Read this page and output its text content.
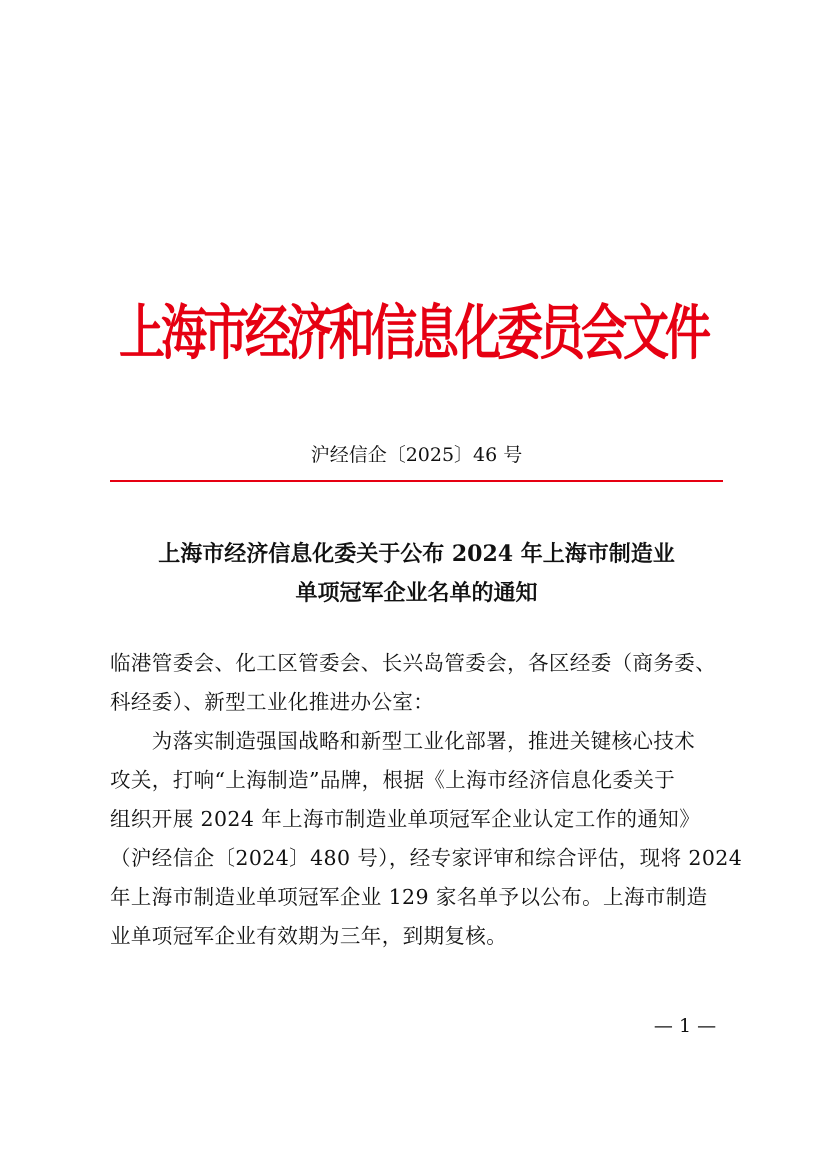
上海市经济和信息化委员会文件
沪经信企〔2025〕46 号
上海市经济信息化委关于公布 2024 年上海市制造业
单项冠军企业名单的通知
临港管委会、化工区管委会、长兴岛管委会，各区经委（商务委、
科经委）、新型工业化推进办公室：
　　为落实制造强国战略和新型工业化部署，推进关键核心技术
攻关，打响“上海制造”品牌，根据《上海市经济信息化委关于
组织开展 2024 年上海市制造业单项冠军企业认定工作的通知》
（沪经信企〔2024〕480 号），经专家评审和综合评估，现将 2024
年上海市制造业单项冠军企业 129 家名单予以公布。上海市制造
业单项冠军企业有效期为三年，到期复核。
— 1 —
